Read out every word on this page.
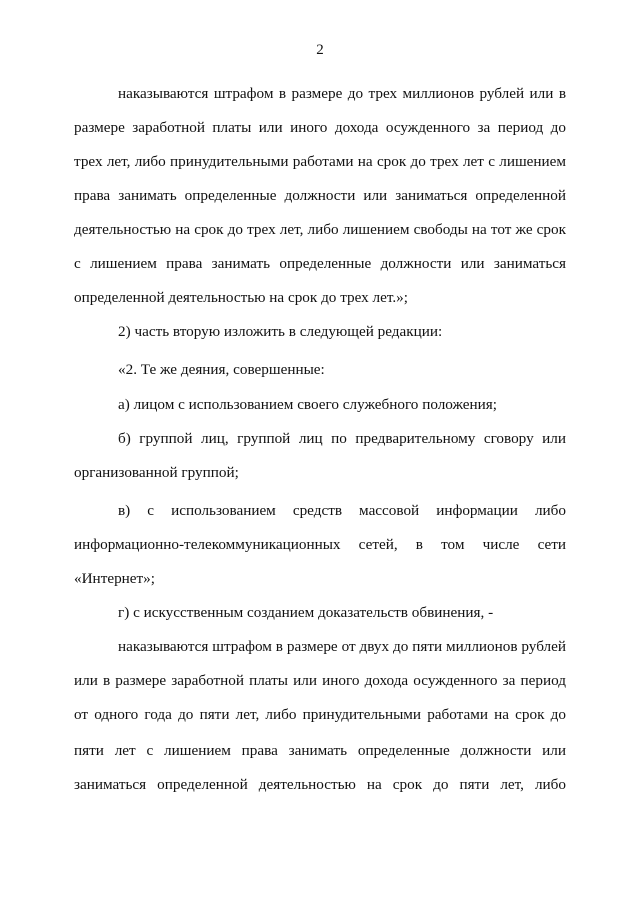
2
наказываются штрафом в размере до трех миллионов рублей или в
размере заработной платы или иного дохода осужденного за период до
трех лет, либо принудительными работами на срок до трех лет с лишением
права занимать определенные должности или заниматься определенной
деятельностью на срок до трех лет, либо лишением свободы на тот же срок
с лишением права занимать определенные должности или заниматься
определенной деятельностью на срок до трех лет.»;
2) часть вторую изложить в следующей редакции:
«2. Те же деяния, совершенные:
а) лицом с использованием своего служебного положения;
б) группой лиц, группой лиц по предварительному сговору или
организованной группой;
в) с использованием средств массовой информации либо
информационно-телекоммуникационных сетей, в том числе сети
«Интернет»;
г) с искусственным созданием доказательств обвинения, -
наказываются штрафом в размере от двух до пяти миллионов рублей
или в размере заработной платы или иного дохода осужденного за период
от одного года до пяти лет, либо принудительными работами на срок до
пяти лет с лишением права занимать определенные должности или
заниматься определенной деятельностью на срок до пяти лет, либо
